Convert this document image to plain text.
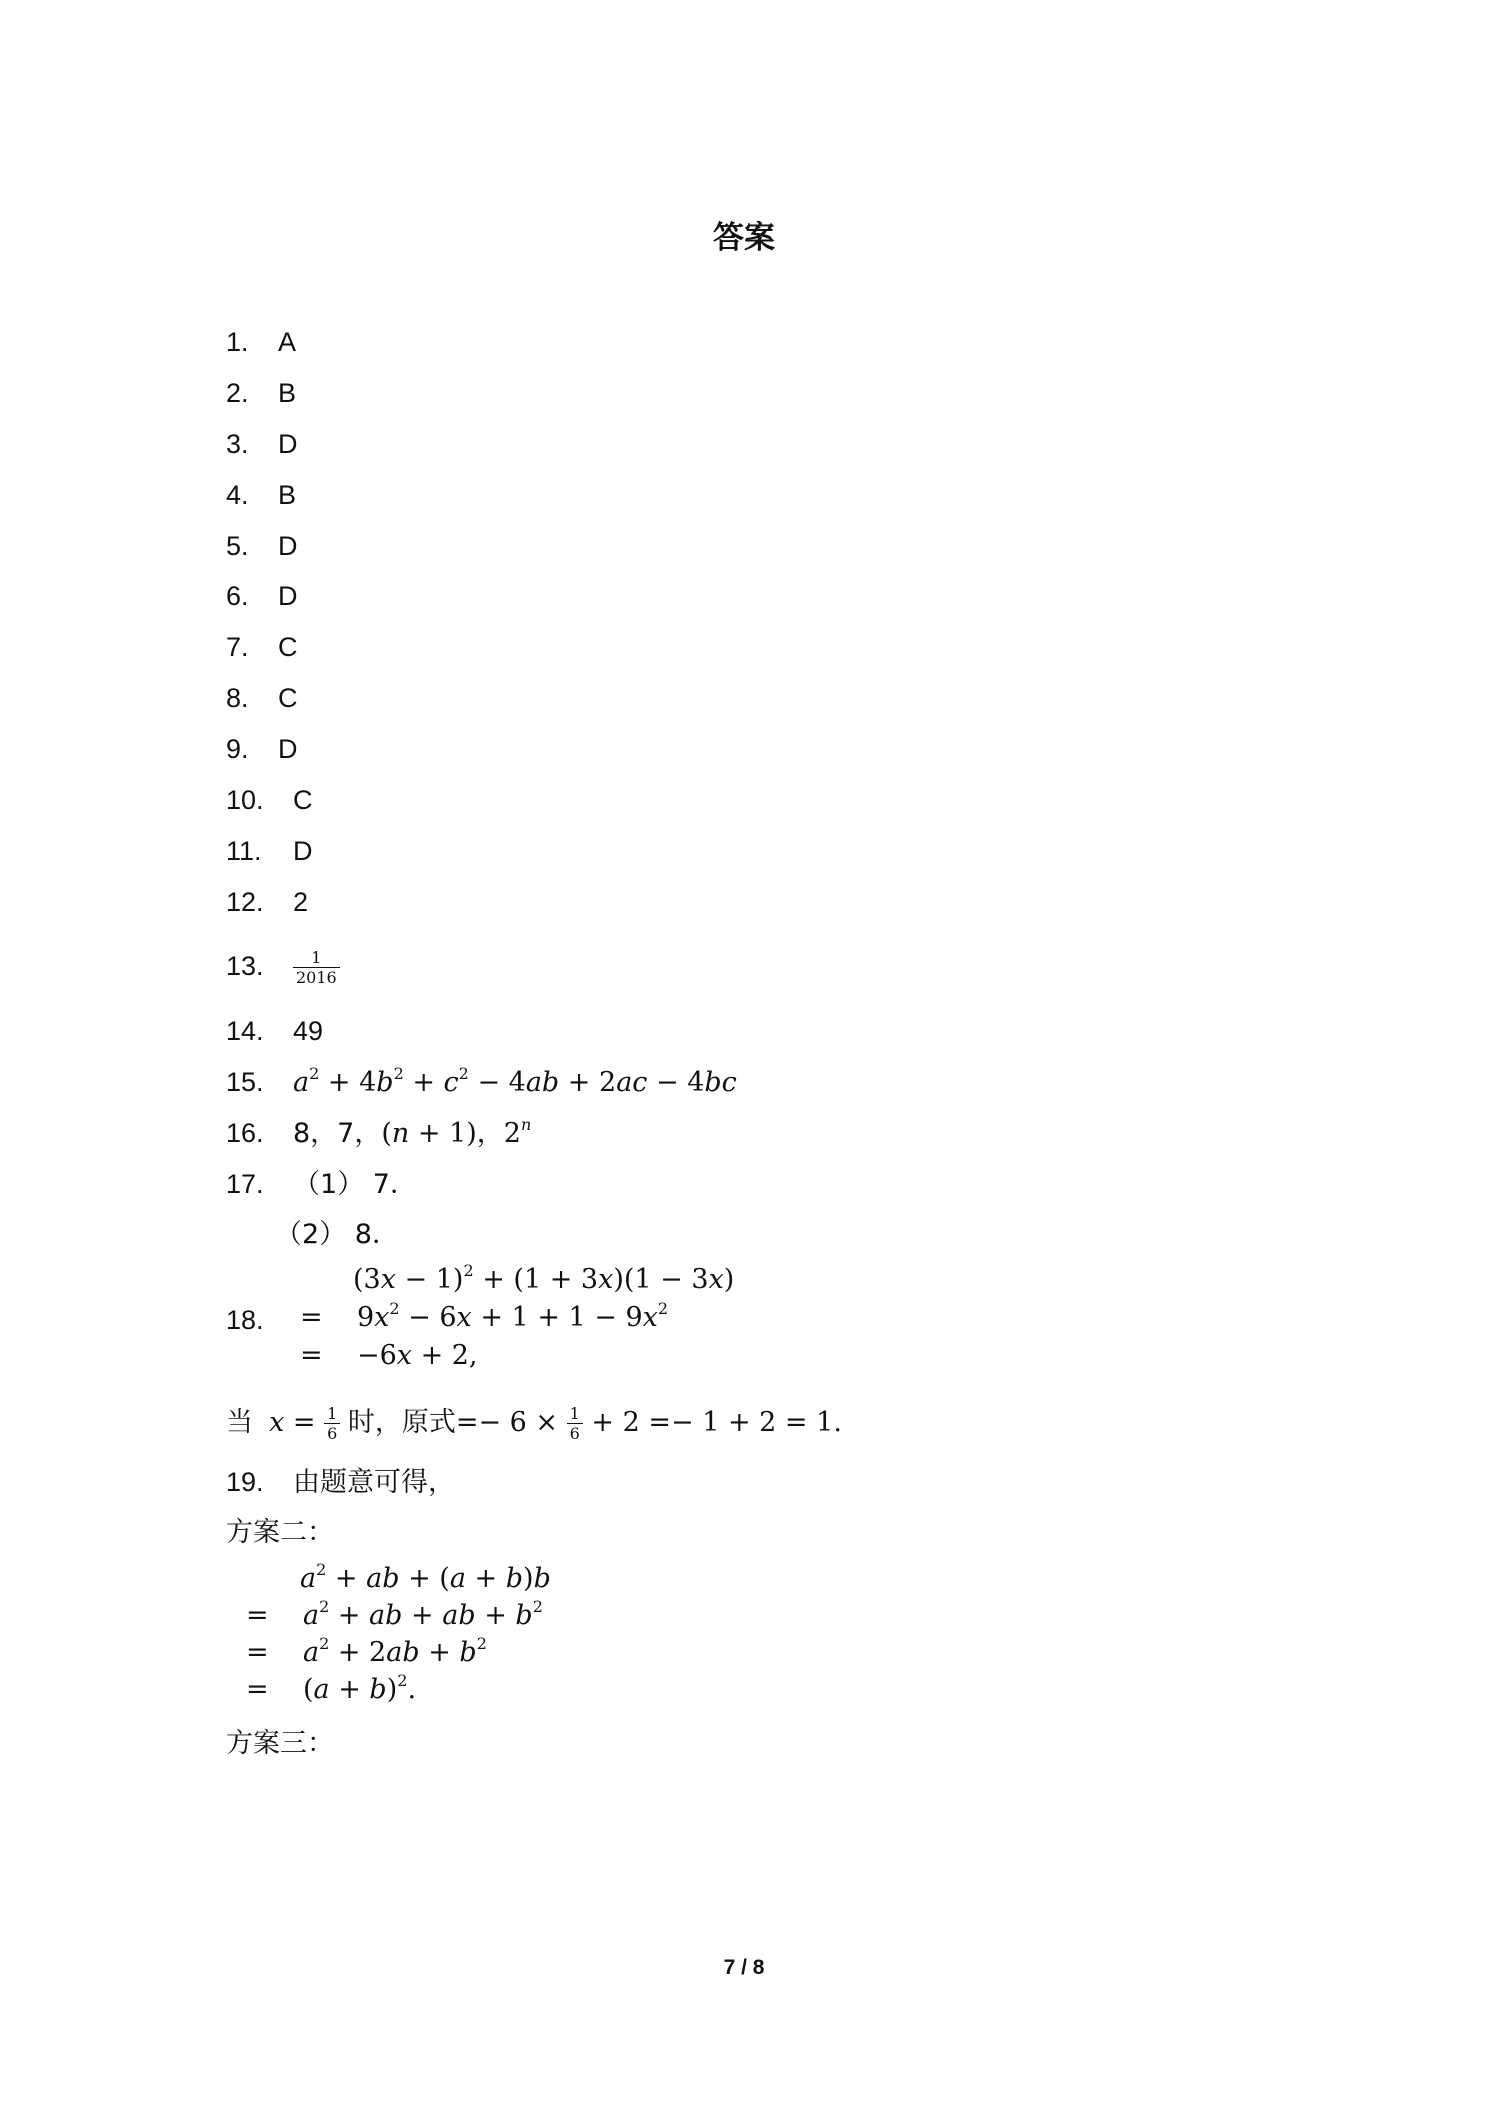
答案
1. A
2. B
3. D
4. B
5. D
6. D
7. C
8. C
9. D
10. C
11. D
12. 2
13. $\frac{1}{2016}$
14. 49
15. $a^2 + 4b^2 + c^2 - 4ab + 2ac - 4bc$
16. 8，7，(n + 1)，2$^n$
17. （1） 7．
（2） 8．
18.
$(3x - 1)^2 + (1 + 3x)(1 - 3x)$
=    $9x^2 - 6x + 1 + 1 - 9x^2$
=    −6x + 2,
当 $x = \frac{1}{6}$ 时，原式=− $6 \times \frac{1}{6} + 2 =- 1 + 2 = 1$.
19. 由题意可得，
方案二：
$a^2$ + ab + (a + b)b
=    $a^2$ + ab + ab + $b^2$
=    $a^2 + 2ab + b^2$
=    $(a + b)^2$.
方案三：
7 / 8
